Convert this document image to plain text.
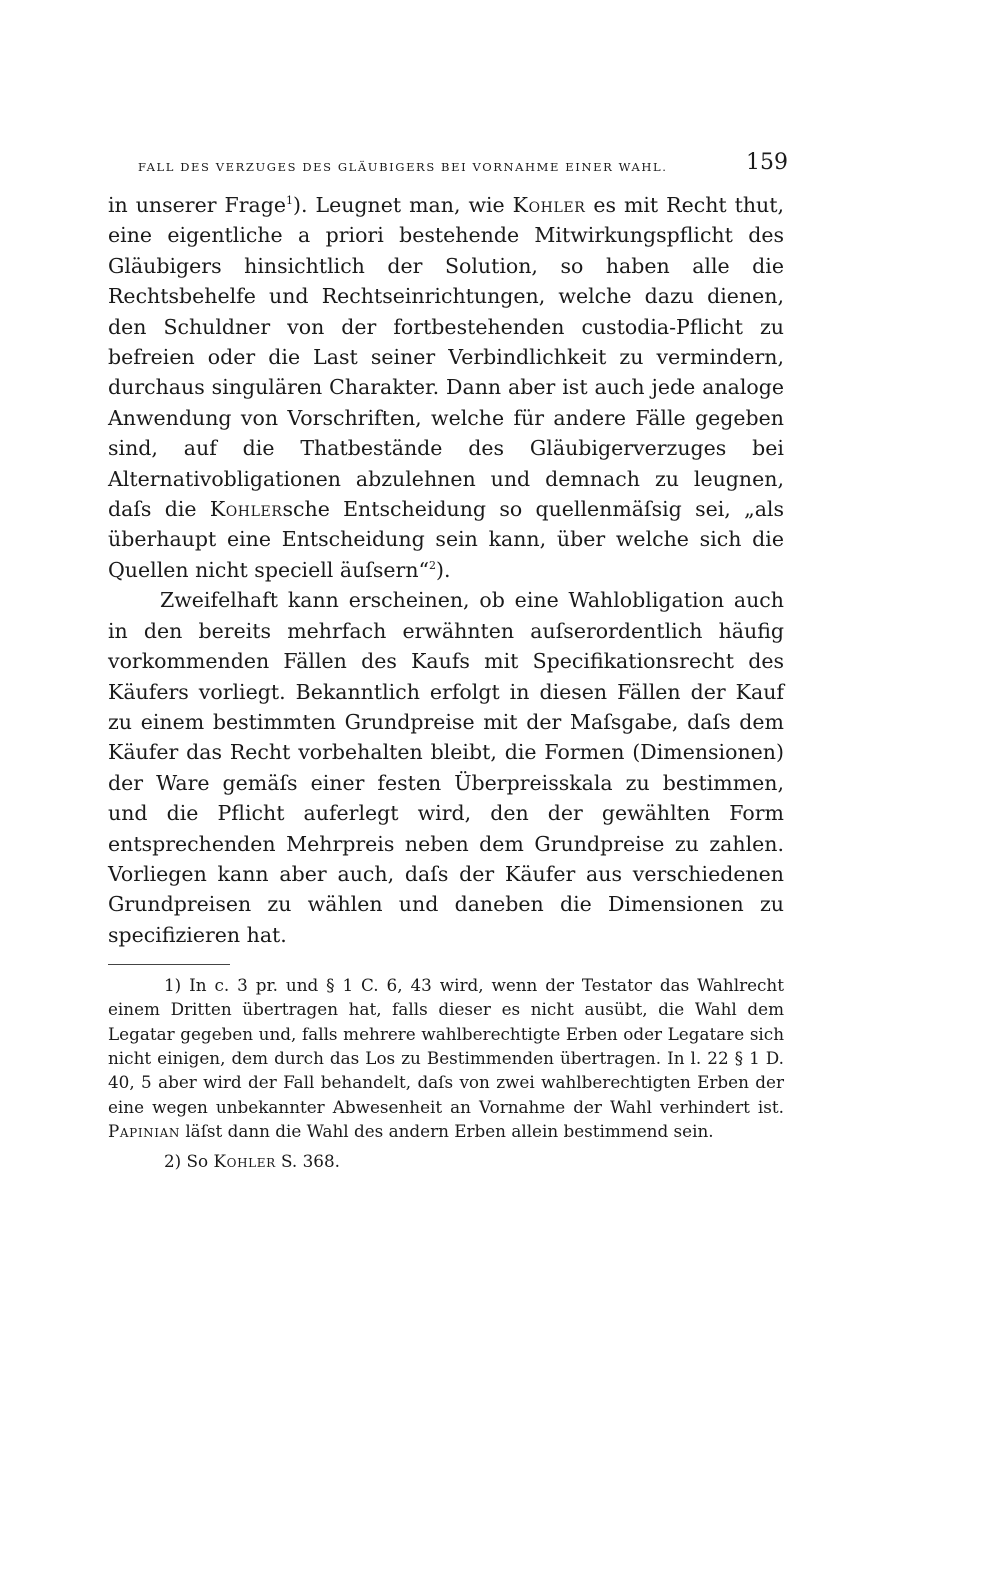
FALL DES VERZUGES DES GLÄUBIGERS BEI VORNAHME EINER WAHL.	159

in unserer Frage$^1$). Leugnet man, wie Kohler es mit Recht thut, eine eigentliche a priori bestehende Mitwirkungspflicht des Gläubigers hinsichtlich der Solution, so haben alle die Rechtsbehelfe und Rechtseinrichtungen, welche dazu dienen, den Schuldner von der fortbestehenden custodia-Pflicht zu befreien oder die Last seiner Verbindlichkeit zu vermindern, durchaus singulären Charakter. Dann aber ist auch jede analoge Anwendung von Vorschriften, welche für andere Fälle gegeben sind, auf die Thatbestände des Gläubigerverzuges bei Alternativobligationen abzulehnen und demnach zu leugnen, daſs die Kohlersche Entscheidung so quellenmäſsig sei, „als überhaupt eine Entscheidung sein kann, über welche sich die Quellen nicht speciell äuſsern“$^2$).

Zweifelhaft kann erscheinen, ob eine Wahlobligation auch in den bereits mehrfach erwähnten auſserordentlich häufig vorkommenden Fällen des Kaufs mit Specifikationsrecht des Käufers vorliegt. Bekanntlich erfolgt in diesen Fällen der Kauf zu einem bestimmten Grundpreise mit der Maſsgabe, daſs dem Käufer das Recht vorbehalten bleibt, die Formen (Dimensionen) der Ware gemäſs einer festen Überpreisskala zu bestimmen, und die Pflicht auferlegt wird, den der gewählten Form entsprechenden Mehrpreis neben dem Grundpreise zu zahlen. Vorliegen kann aber auch, daſs der Käufer aus verschiedenen Grundpreisen zu wählen und daneben die Dimensionen zu specifizieren hat.

1) In c. 3 pr. und § 1 C. 6, 43 wird, wenn der Testator das Wahlrecht einem Dritten übertragen hat, falls dieser es nicht ausübt, die Wahl dem Legatar gegeben und, falls mehrere wahlberechtigte Erben oder Legatare sich nicht einigen, dem durch das Los zu Bestimmenden übertragen. In l. 22 § 1 D. 40, 5 aber wird der Fall behandelt, daſs von zwei wahlberechtigten Erben der eine wegen unbekannter Abwesenheit an Vornahme der Wahl verhindert ist. Papinian läſst dann die Wahl des andern Erben allein bestimmend sein.

2) So Kohler S. 368.
